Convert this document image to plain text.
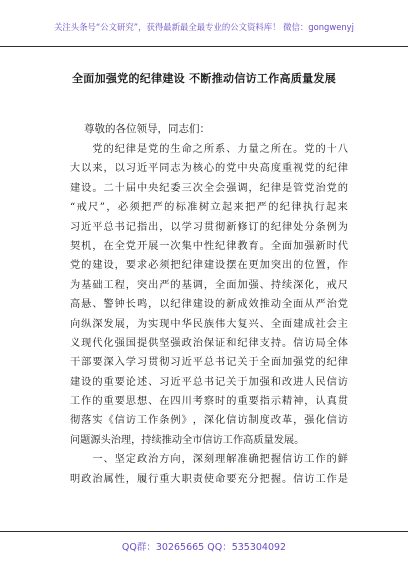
关注头条号“公文研究”，获得最新最全最专业的公文资料库！ 微信：gongwenyj
全面加强党的纪律建设 不断推动信访工作高质量发展
尊敬的各位领导，同志们：

党 的 纪 律 是 党 的 生 命 之 所 系 、 力 量 之 所 在 。 党 的 十 八
大 以 来 ， 以 习 近 平 同 志 为 核 心 的 党 中 央 高 度 重 视 党 的 纪 律
建 设 。 二 十 届 中 央 纪 委 三 次 全 会 强 调 ， 纪 律 是 管 党 治 党 的
“ 戒 尺 ” ， 必 须 把 严 的 标 准 树 立 起 来 把 严 的 纪 律 执 行 起 来
习 近 平 总 书 记 指 出 ， 以 学 习 贯 彻 新 修 订 的 纪 律 处 分 条 例 为
契 机 ， 在 全 党 开 展 一 次 集 中 性 纪 律 教 育 。 全 面 加 强 新 时 代
党 的 建 设 ， 要 求 必 须 把 纪 律 建 设 摆 在 更 加 突 出 的 位 置 ， 作
为 基 础 工 程 ， 突 出 严 的 基 调 ， 全 面 加 强 、 持 续 深 化 ， 戒 尺
高 悬 、 警 钟 长 鸣 ， 以 纪 律 建 设 的 新 成 效 推 动 全 面 从 严 治 党
向 纵 深 发 展 ， 为 实 现 中 华 民 族 伟 大 复 兴 、 全 面 建 成 社 会 主
义 现 代 化 强 国 提 供 坚 强 政 治 保 证 和 纪 律 支 持 。 信 访 局 全 体
干 部 要 深 入 学 习 贯 彻 习 近 平 总 书 记 关 于 全 面 加 强 党 的 纪 律
建 设 的 重 要 论 述 、 习 近 平 总 书 记 关 于 加 强 和 改 进 人 民 信 访
工 作 的 重 要 思 想 、 在 四 川 考 察 时 的 重 要 指 示 精 神 ， 认 真 贯
彻 落 实 《 信 访 工 作 条 例 》 ， 深 化 信 访 制 度 改 革 ， 强 化 信 访
问题源头治理，持续推动全市信访工作高质量发展。

一 、 坚 定 政 治 方 向 ， 深 刻 理 解 准 确 把 握 信 访 工 作 的 鲜
明 政 治 属 性 ， 履 行 重 大 职 责 使 命 要 充 分 把 握 。 信 访 工 作 是
QQ群：30265665 QQ：535304092
